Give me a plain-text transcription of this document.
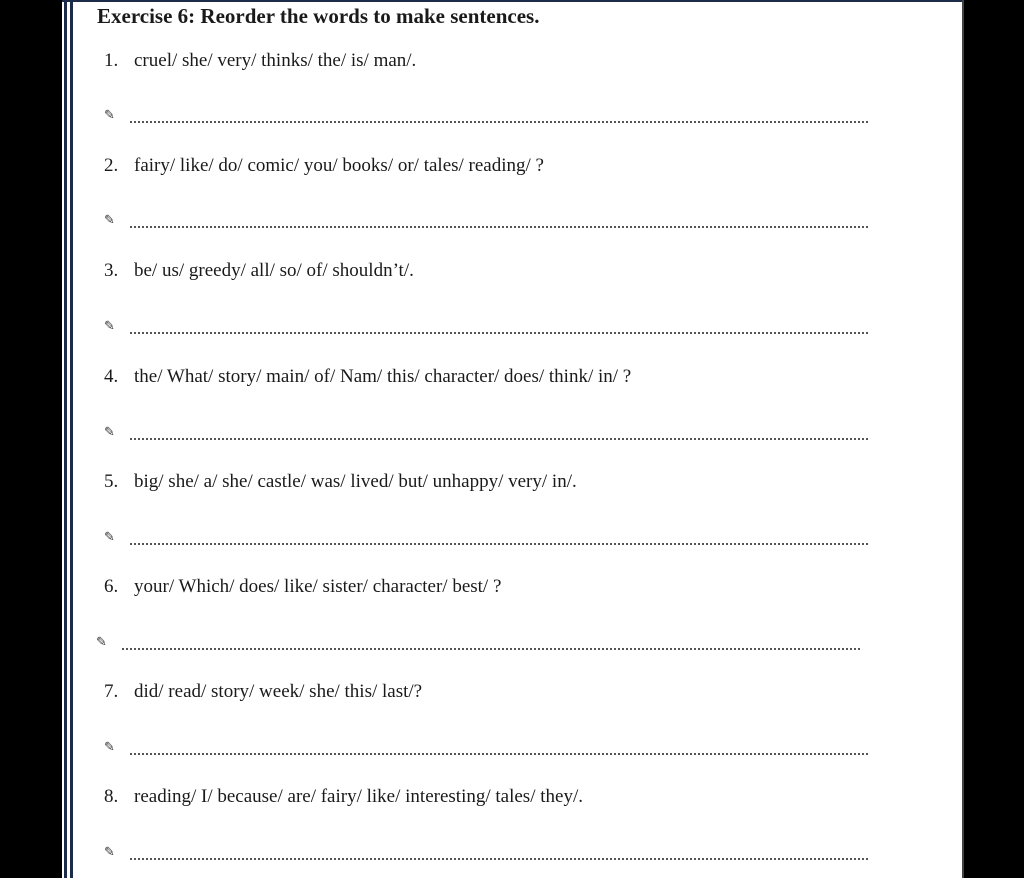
Exercise 6: Reorder the words to make sentences.
1. cruel/ she/ very/ thinks/ the/ is/ man/.
✎
2. fairy/ like/ do/ comic/ you/ books/ or/ tales/ reading/ ?
✎
3. be/ us/ greedy/ all/ so/ of/ shouldn’t/.
✎
4. the/ What/ story/ main/ of/ Nam/ this/ character/ does/ think/ in/ ?
✎
5. big/ she/ a/ she/ castle/ was/ lived/ but/ unhappy/ very/ in/.
✎
6. your/ Which/ does/ like/ sister/ character/ best/ ?
✎
7. did/ read/ story/ week/ she/ this/ last/?
✎
8. reading/ I/ because/ are/ fairy/ like/ interesting/ tales/ they/.
✎
